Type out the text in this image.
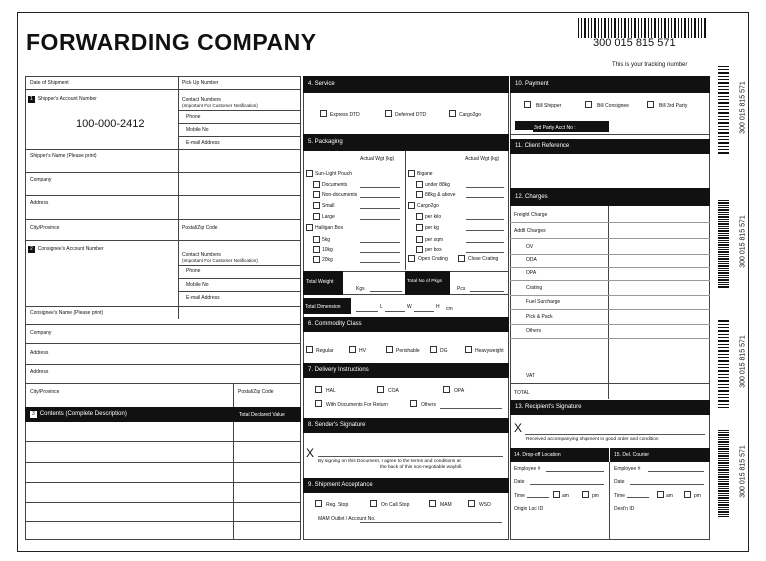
FORWARDING COMPANY	300 015 815 571
This is your tracking number
Date of Shipment	Pick Up Number
1 Shipper's Account Number
100-000-2412
Contact Numbers
(Important For Customer Notification)
Phone
Mobile No
E-mail Address
Shipper's Name (Please print)
Company
Address
City/Province	Postal/Zip Code
2 Consignee's Account Number
Contact Numbers
(Important For Customer Notification)
Phone
Mobile No
E-mail Address
Consignee's Name (Please print)
Company
Address
Address
City/Province	Postal/Zip Code
3 Contents (Complete Description)	Total Declared Value
4. Service
Express DTD	Deferred DTD	Cargo2go
5. Packaging
Actual Wgt (kg)	Actual Wgt (kg)
Open Crating	Close Crating
Total Weight
Kgs
Total No of Pkgs
Pcs
Total Dimension	L	W	H cm
6. Commodity Class
7. Delivery Instructions
HAL	COA	OPA
With Documents For Return	Others
8. Sender's Signature
X
By signing on this Document, I agree to the terms and conditions at
the back of this non-negotiable waybill.
9. Shipment Acceptance
Reg. Stop	On Call Stop	MAM	WSO
MAM Outlet / Account No.
10. Payment
Bill Shipper	Bill Consignee	Bill 3rd Party
3rd Party Acct No :
11. Client Reference
12. Charges
13. Recipient's Signature
X
Received accompanying shipment in good order and condition
14. Drop-off Location	15. Del. Courier
Employee #
Date
Time	am	pm
Origin Loc ID
Employee #
Date
Time	am	pm
Dest'n ID
Sun-Light Pouch
Documents
Non-documents
Small
Large
Halligan Box
5kg
10kg
20kg
Bigane
under 88kg
88kg & above
Cargo2go
per kilo
per kg
per sqm
per box
Regular	HV	Perishable	DG	Heavyweight
Freight Charge
Addtl Charges
OV
ODA
OPA
Crating
Fuel Surcharge
Pick & Pack
Others
VAT
TOTAL
300 015 815 571
300 015 815 571
300 015 815 571
300 015 815 571
